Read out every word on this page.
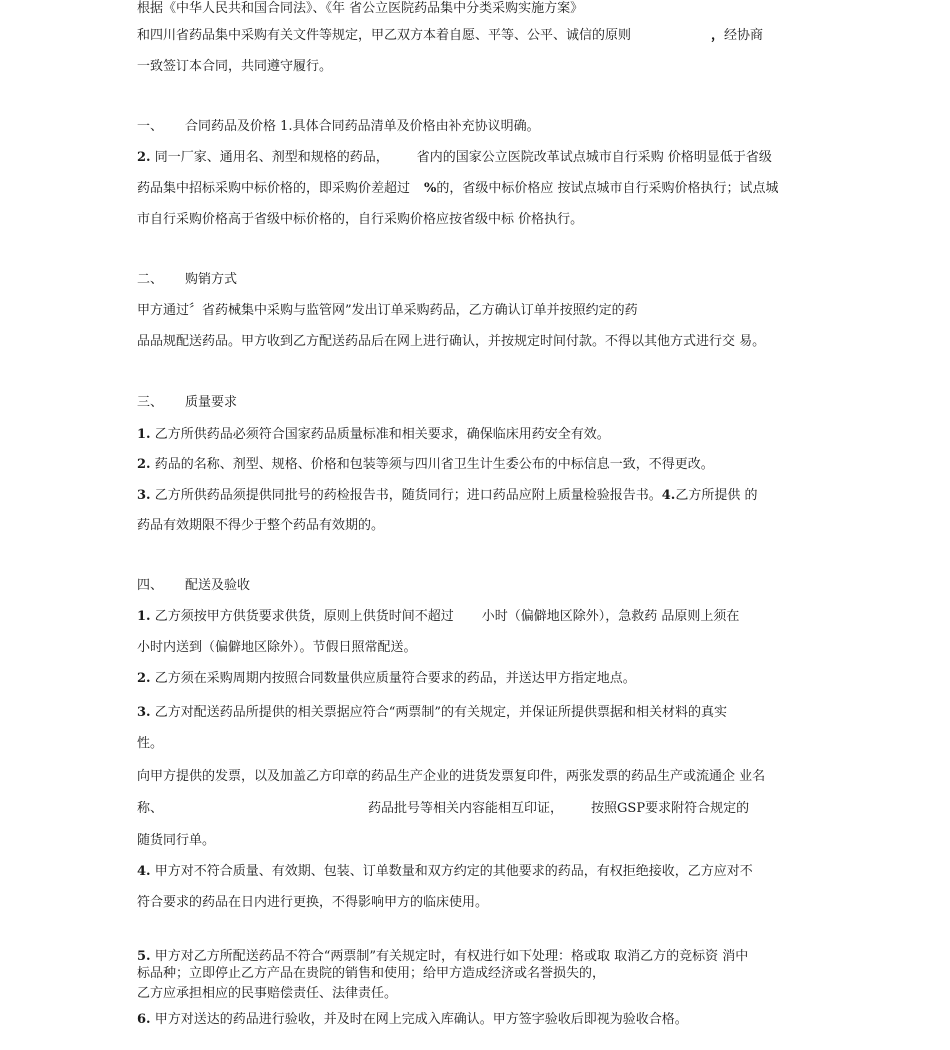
根据《中华人民共和国合同法》、《年 省公立医院药品集中分类采购实施方案》
和四川省药品集中采购有关文件等规定，甲乙双方本着自愿、平等、公平、诚信的原则	，经协商
一致签订本合同，共同遵守履行。
一、 合同药品及价格 1.具体合同药品清单及价格由补充协议明确。
2. 同一厂家、通用名、剂型和规格的药品， 省内的国家公立医院改革试点城市自行采购 价格明显低于省级
药品集中招标采购中标价格的，即采购价差超过 %的，省级中标价格应 按试点城市自行采购价格执行；试点城
市自行采购价格高于省级中标价格的，自行采购价格应按省级中标 价格执行。
二、 购销方式
甲方通过〞省药械集中采购与监管网”发出订单采购药品，乙方确认订单并按照约定的药
品品规配送药品。甲方收到乙方配送药品后在网上进行确认，并按规定时间付款。不得以其他方式进行交 易。
三、 质量要求
1. 乙方所供药品必须符合国家药品质量标准和相关要求，确保临床用药安全有效。
2. 药品的名称、剂型、规格、价格和包装等须与四川省卫生计生委公布的中标信息一致，不得更改。
3. 乙方所供药品须提供同批号的药检报告书，随货同行；进口药品应附上质量检验报告书。4.乙方所提供 的
药品有效期限不得少于整个药品有效期的。
四、 配送及验收
1. 乙方须按甲方供货要求供货，原则上供货时间不超过 小时（偏僻地区除外），急救药 品原则上须在
小时内送到（偏僻地区除外）。节假日照常配送。
2. 乙方须在采购周期内按照合同数量供应质量符合要求的药品，并送达甲方指定地点。
3. 乙方对配送药品所提供的相关票据应符合“两票制”的有关规定，并保证所提供票据和相关材料的真实
性。
向甲方提供的发票，以及加盖乙方印章的药品生产企业的进货发票复印件，两张发票的药品生产或流通企 业名
称、	药品批号等相关内容能相互印证， 按照GSP要求附符合规定的
随货同行单。
4. 甲方对不符合质量、有效期、包装、订单数量和双方约定的其他要求的药品，有权拒绝接收，乙方应对不
符合要求的药品在日内进行更换，不得影响甲方的临床使用。
5. 甲方对乙方所配送药品不符合“两票制”有关规定时，有权进行如下处理：格或取 取消乙方的竞标资 消中
标品种；立即停止乙方产品在贵院的销售和使用；给甲方造成经济或名誉损失的，
乙方应承担相应的民事赔偿责任、法律责任。
6. 甲方对送达的药品进行验收，并及时在网上完成入库确认。甲方签字验收后即视为验收合格。
